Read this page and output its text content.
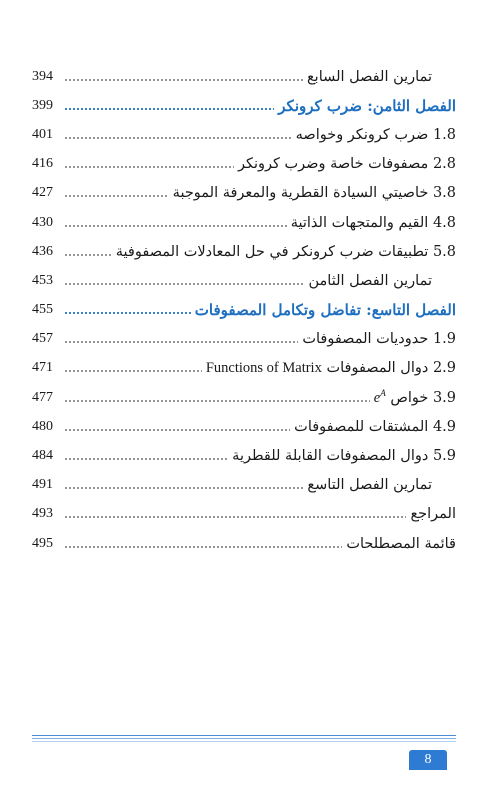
تمارين الفصل السابع
394
الفصل الثامن: ضرب كرونكر
399
1.8 ضرب كرونكر وخواصه
401
2.8 مصفوفات خاصة وضرب كرونكر
416
3.8 خاصيتي السيادة القطرية والمعرفة الموجبة
427
4.8 القيم والمتجهات الذاتية
430
5.8 تطبيقات ضرب كرونكر في حل المعادلات المصفوفية
436
تمارين الفصل الثامن
453
الفصل التاسع: تفاضل وتكامل المصفوفات
455
1.9 حدوديات المصفوفات
457
2.9 دوال المصفوفات Functions of Matrix
471
3.9 خواص $e^A$
477
4.9 المشتقات للمصفوفات
480
5.9 دوال المصفوفات القابلة للقطرية
484
تمارين الفصل التاسع
491
المراجع
493
قائمة المصطلحات
495
8
